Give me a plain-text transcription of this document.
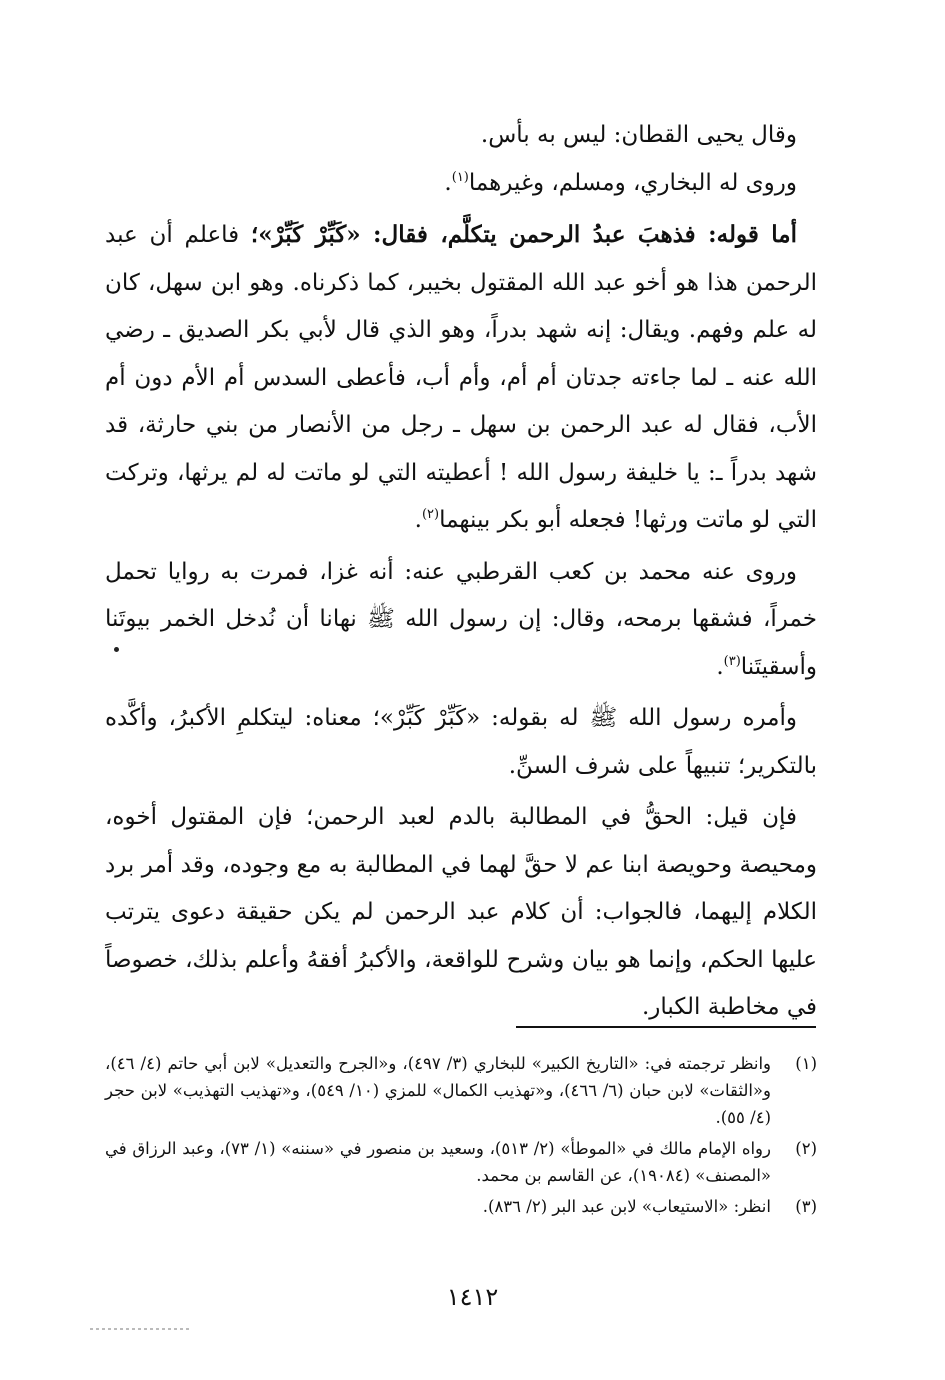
وقال يحيى القطان: ليس به بأس.

وروى له البخاري، ومسلم، وغيرهما$^{(١)}$.

أما قوله: فذهبَ عبدُ الرحمن يتكلَّم، فقال: «كَبِّرْ كَبِّرْ»؛ فاعلم أن عبد الرحمن هذا هو أخو عبد الله المقتول بخيبر، كما ذكرناه. وهو ابن سهل، كان له علم وفهم. ويقال: إنه شهد بدراً، وهو الذي قال لأبي بكر الصديق ـ رضي الله عنه ـ لما جاءته جدتان أم أم، وأم أب، فأعطى السدس أم الأم دون أم الأب، فقال له عبد الرحمن بن سهل ـ رجل من الأنصار من بني حارثة، قد شهد بدراً ـ: يا خليفة رسول الله ! أعطيته التي لو ماتت له لم يرثها، وتركت التي لو ماتت ورثها! فجعله أبو بكر بينهما$^{(٢)}$.

وروى عنه محمد بن كعب القرطبي عنه: أنه غزا، فمرت به روايا تحمل خمراً، فشقها برمحه، وقال: إن رسول الله ﷺ نهانا أن نُدخل الخمر بيوتَنا وأسقيتَنا$^{(٣)}$.

وأمره رسول الله ﷺ له بقوله: «كَبِّرْ كَبِّرْ»؛ معناه: ليتكلمِ الأكبرُ، وأكَّده بالتكرير؛ تنبيهاً على شرف السنِّ.

فإن قيل: الحقُّ في المطالبة بالدم لعبد الرحمن؛ فإن المقتول أخوه، ومحيصة وحويصة ابنا عم لا حقَّ لهما في المطالبة به مع وجوده، وقد أمر برد الكلام إليهما، فالجواب: أن كلام عبد الرحمن لم يكن حقيقة دعوى يترتب عليها الحكم، وإنما هو بيان وشرح للواقعة، والأكبرُ أفقهُ وأعلم بذلك، خصوصاً في مخاطبة الكبار.

(١)
وانظر ترجمته في: «التاريخ الكبير» للبخاري (٣/ ٤٩٧)، و«الجرح والتعديل» لابن أبي حاتم (٤/ ٤٦)، و«الثقات» لابن حبان (٦/ ٤٦٦)، و«تهذيب الكمال» للمزي (١٠/ ٥٤٩)، و«تهذيب التهذيب» لابن حجر (٤/ ٥٥).
(٢)
رواه الإمام مالك في «الموطأ» (٢/ ٥١٣)، وسعيد بن منصور في «سننه» (١/ ٧٣)، وعبد الرزاق في «المصنف» (١٩٠٨٤)، عن القاسم بن محمد.
(٣)
انظر: «الاستيعاب» لابن عبد البر (٢/ ٨٣٦).
١٤١٢
